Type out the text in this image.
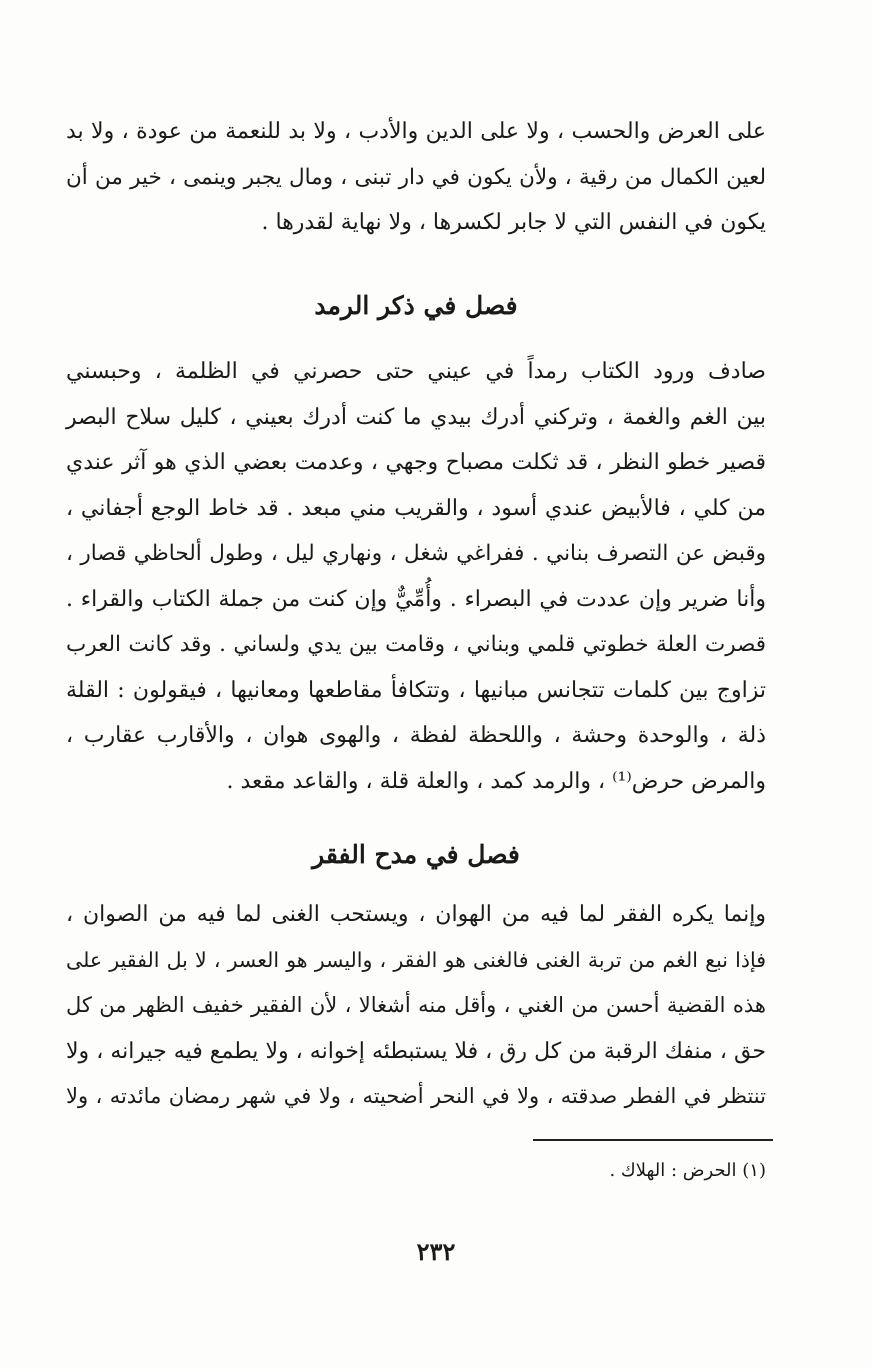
على العرض والحسب ، ولا على الدين والأدب ، ولا بد للنعمة من عودة ، ولا بد
لعين الكمال من رقية ، ولأن يكون في دار تبنى ، ومال يجبر وينمى ، خير من أن
يكون في النفس التي لا جابر لكسرها ، ولا نهاية لقدرها .
فصل في ذكر الرمد
صادف ورود الكتاب رمداً في عيني حتى حصرني في الظلمة ، وحبسني
بين الغم والغمة ، وتركني أدرك بيدي ما كنت أدرك بعيني ، كليل سلاح البصر
قصير خطو النظر ، قد ثكلت مصباح وجهي ، وعدمت بعضي الذي هو آثر عندي
من كلي ، فالأبيض عندي أسود ، والقريب مني مبعد . قد خاط الوجع أجفاني ،
وقبض عن التصرف بناني . ففراغي شغل ، ونهاري ليل ، وطول ألحاظي قصار ،
وأنا ضرير وإن عددت في البصراء . وأُمِّيٌّ وإن كنت من جملة الكتاب والقراء .
قصرت العلة خطوتي قلمي وبناني ، وقامت بين يدي ولساني . وقد كانت العرب
تزاوج بين كلمات تتجانس مبانيها ، وتتكافأ مقاطعها ومعانيها ، فيقولون : القلة
ذلة ، والوحدة وحشة ، واللحظة لفظة ، والهوى هوان ، والأقارب عقارب ،
والمرض حرض⁽¹⁾ ، والرمد كمد ، والعلة قلة ، والقاعد مقعد .
فصل في مدح الفقر
وإنما يكره الفقر لما فيه من الهوان ، ويستحب الغنى لما فيه من الصوان ،
فإذا نبع الغم من تربة الغنى فالغنى هو الفقر ، واليسر هو العسر ، لا بل الفقير على
هذه القضية أحسن من الغني ، وأقل منه أشغالا ، لأن الفقير خفيف الظهر من كل
حق ، منفك الرقبة من كل رق ، فلا يستبطئه إخوانه ، ولا يطمع فيه جيرانه ، ولا
تنتظر في الفطر صدقته ، ولا في النحر أضحيته ، ولا في شهر رمضان مائدته ، ولا
(١) الحرض : الهلاك .
٢٣٢
